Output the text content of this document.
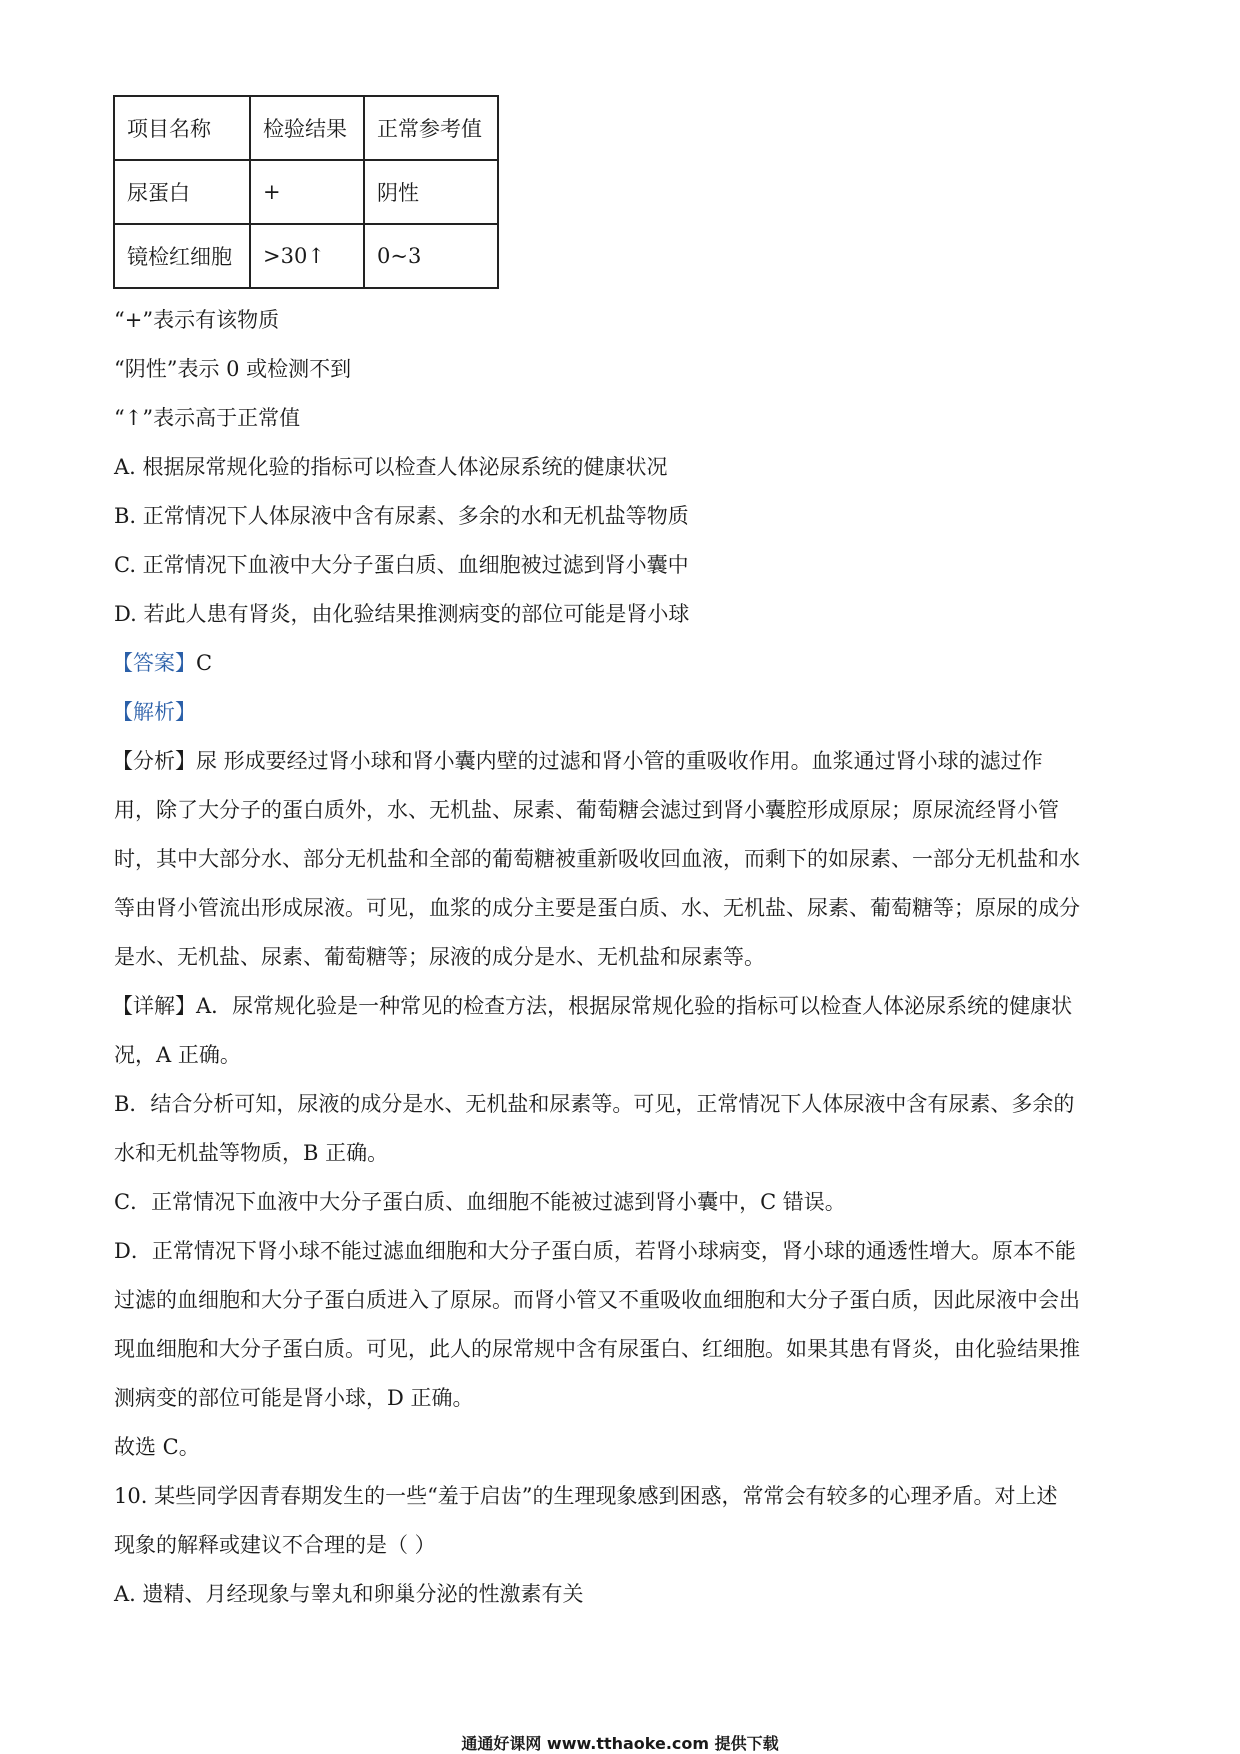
项目名称	检验结果	正常参考值
尿蛋白	+	阴性
镜检红细胞	>30↑	0~3
“+”表示有该物质
“阴性”表示 0 或检测不到
“↑”表示高于正常值
A. 根据尿常规化验的指标可以检查人体泌尿系统的健康状况
B. 正常情况下人体尿液中含有尿素、多余的水和无机盐等物质
C. 正常情况下血液中大分子蛋白质、血细胞被过滤到肾小囊中
D. 若此人患有肾炎，由化验结果推测病变的部位可能是肾小球
【答案】C
【解析】
【分析】尿 形成要经过肾小球和肾小囊内壁的过滤和肾小管的重吸收作用。血浆通过肾小球的滤过作
用，除了大分子的蛋白质外，水、无机盐、尿素、葡萄糖会滤过到肾小囊腔形成原尿；原尿流经肾小管
时，其中大部分水、部分无机盐和全部的葡萄糖被重新吸收回血液，而剩下的如尿素、一部分无机盐和水
等由肾小管流出形成尿液。可见，血浆的成分主要是蛋白质、水、无机盐、尿素、葡萄糖等；原尿的成分
是水、无机盐、尿素、葡萄糖等；尿液的成分是水、无机盐和尿素等。
【详解】A．尿常规化验是一种常见的检查方法，根据尿常规化验的指标可以检查人体泌尿系统的健康状
况，A 正确。
B．结合分析可知，尿液的成分是水、无机盐和尿素等。可见，正常情况下人体尿液中含有尿素、多余的
水和无机盐等物质，B 正确。
C．正常情况下血液中大分子蛋白质、血细胞不能被过滤到肾小囊中，C 错误。
D．正常情况下肾小球不能过滤血细胞和大分子蛋白质，若肾小球病变，肾小球的通透性增大。原本不能
过滤的血细胞和大分子蛋白质进入了原尿。而肾小管又不重吸收血细胞和大分子蛋白质，因此尿液中会出
现血细胞和大分子蛋白质。可见，此人的尿常规中含有尿蛋白、红细胞。如果其患有肾炎，由化验结果推
测病变的部位可能是肾小球，D 正确。
故选 C。
10. 某些同学因青春期发生的一些“羞于启齿”的生理现象感到困惑，常常会有较多的心理矛盾。对上述
现象的解释或建议不合理的是（ ）
A. 遗精、月经现象与睾丸和卵巢分泌的性激素有关
通通好课网 www.tthaoke.com 提供下载
